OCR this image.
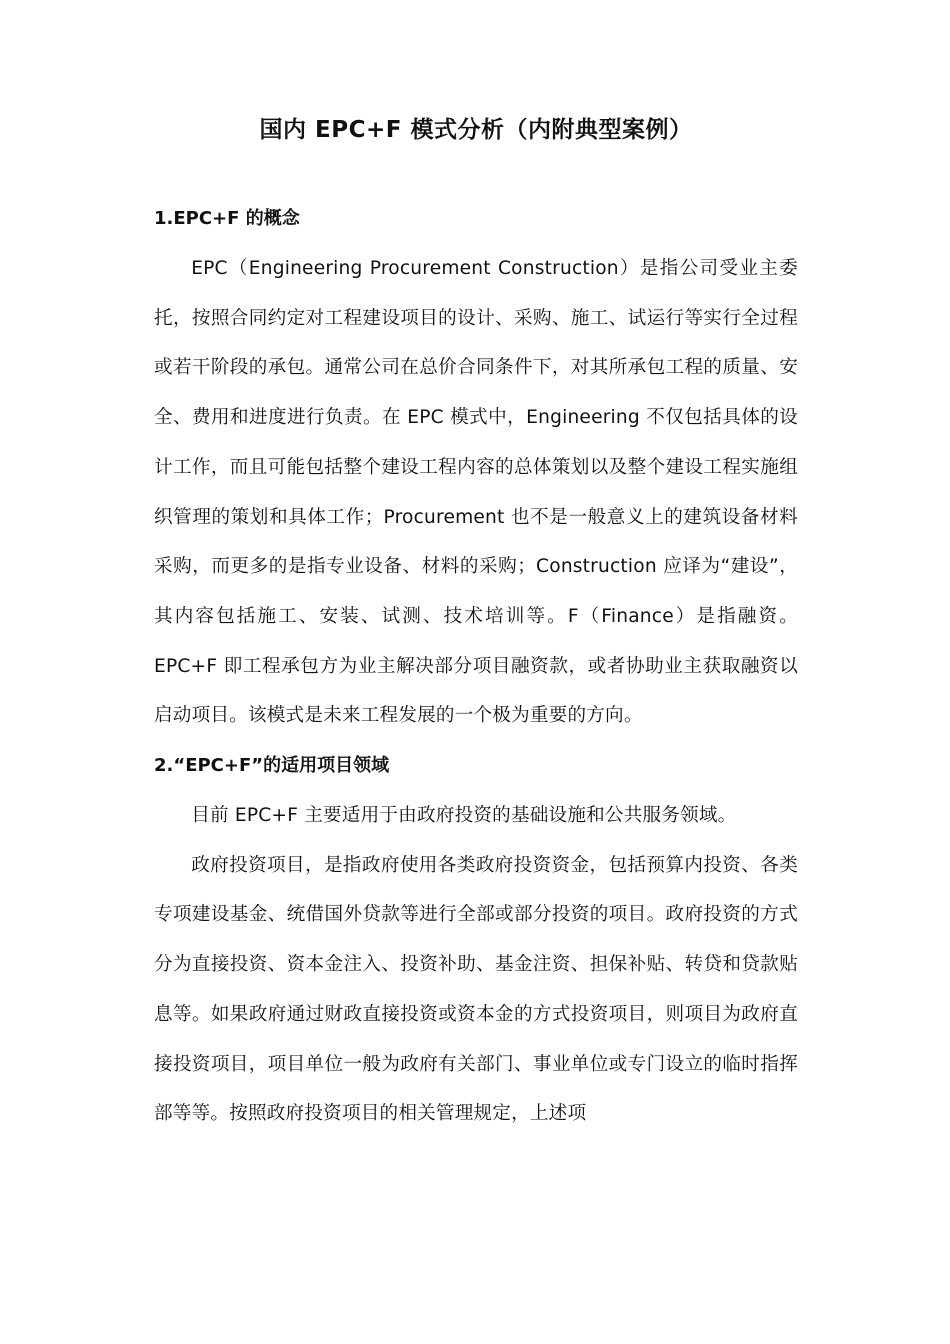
国内 EPC+F 模式分析（内附典型案例）
1.EPC+F 的概念

EPC（Engineering Procurement Construction）是指公司受业主委托，按照合同约定对工程建设项目的设计、采购、施工、试运行等实行全过程或若干阶段的承包。通常公司在总价合同条件下，对其所承包工程的质量、安全、费用和进度进行负责。在 EPC 模式中，Engineering 不仅包括具体的设计工作，而且可能包括整个建设工程内容的总体策划以及整个建设工程实施组织管理的策划和具体工作；Procurement 也不是一般意义上的建筑设备材料采购，而更多的是指专业设备、材料的采购；Construction 应译为“建设”，其内容包括施工、安装、试测、技术培训等。F（Finance）是指融资。EPC+F 即工程承包方为业主解决部分项目融资款，或者协助业主获取融资以启动项目。该模式是未来工程发展的一个极为重要的方向。

2.“EPC+F”的适用项目领域

目前 EPC+F 主要适用于由政府投资的基础设施和公共服务领域。

政府投资项目，是指政府使用各类政府投资资金，包括预算内投资、各类专项建设基金、统借国外贷款等进行全部或部分投资的项目。政府投资的方式分为直接投资、资本金注入、投资补助、基金注资、担保补贴、转贷和贷款贴息等。如果政府通过财政直接投资或资本金的方式投资项目，则项目为政府直接投资项目，项目单位一般为政府有关部门、事业单位或专门设立的临时指挥部等等。按照政府投资项目的相关管理规定，上述项
